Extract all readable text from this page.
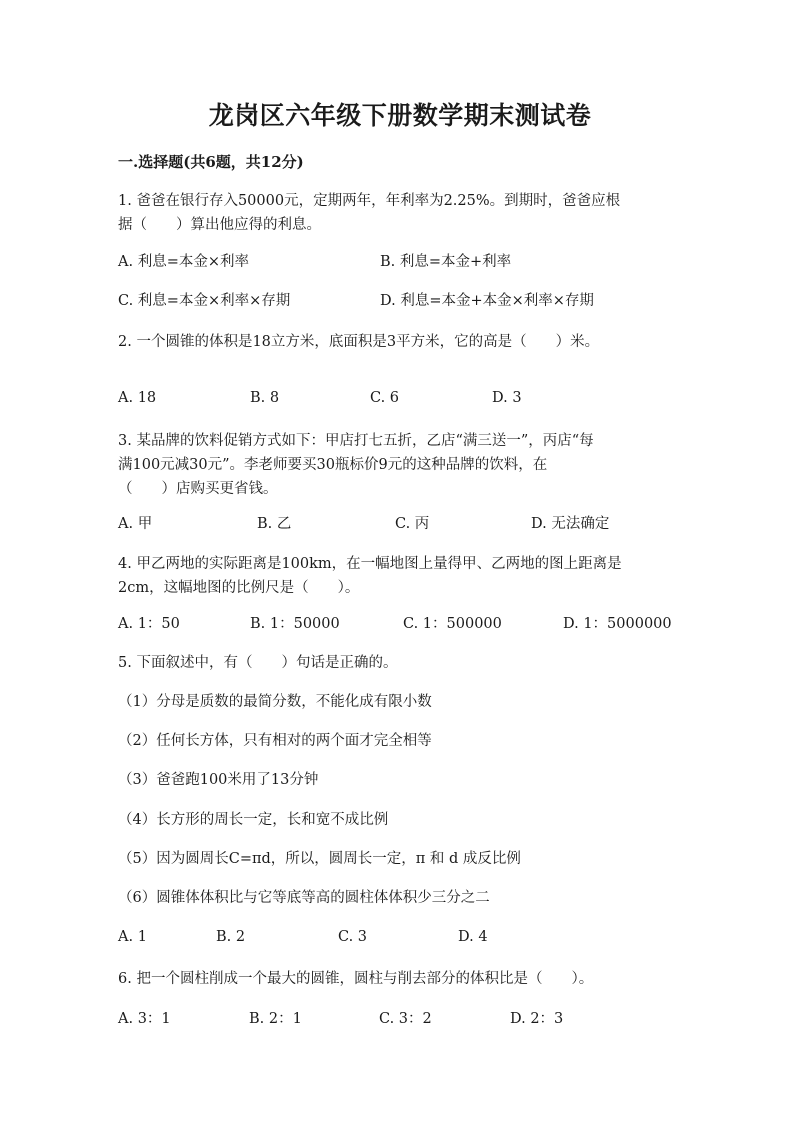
龙岗区六年级下册数学期末测试卷
一.选择题(共6题，共12分)
1. 爸爸在银行存入50000元，定期两年，年利率为2.25%。到期时，爸爸应根
据（　　）算出他应得的利息。
A. 利息=本金×利率	B. 利息=本金+利率
C. 利息=本金×利率×存期	D. 利息=本金+本金×利率×存期
2. 一个圆锥的体积是18立方米，底面积是3平方米，它的高是（　　）米。
A. 18	B. 8	C. 6	D. 3
3. 某品牌的饮料促销方式如下：甲店打七五折，乙店“满三送一”，丙店“每
满100元减30元”。李老师要买30瓶标价9元的这种品牌的饮料，在
（　　）店购买更省钱。
A. 甲	B. 乙	C. 丙	D. 无法确定
4. 甲乙两地的实际距离是100km，在一幅地图上量得甲、乙两地的图上距离是
2cm，这幅地图的比例尺是（　　）。
A. 1：50	B. 1：50000	C. 1：500000	D. 1：5000000
5. 下面叙述中，有（　　）句话是正确的。
（1）分母是质数的最简分数，不能化成有限小数
（2）任何长方体，只有相对的两个面才完全相等
（3）爸爸跑100米用了13分钟
（4）长方形的周长一定，长和宽不成比例
（5）因为圆周长C=πd，所以，圆周长一定，π 和 d 成反比例
（6）圆锥体体积比与它等底等高的圆柱体体积少三分之二
A. 1	B. 2	C. 3	D. 4
6. 把一个圆柱削成一个最大的圆锥，圆柱与削去部分的体积比是（　　）。
A. 3：1	B. 2：1	C. 3：2	D. 2：3
